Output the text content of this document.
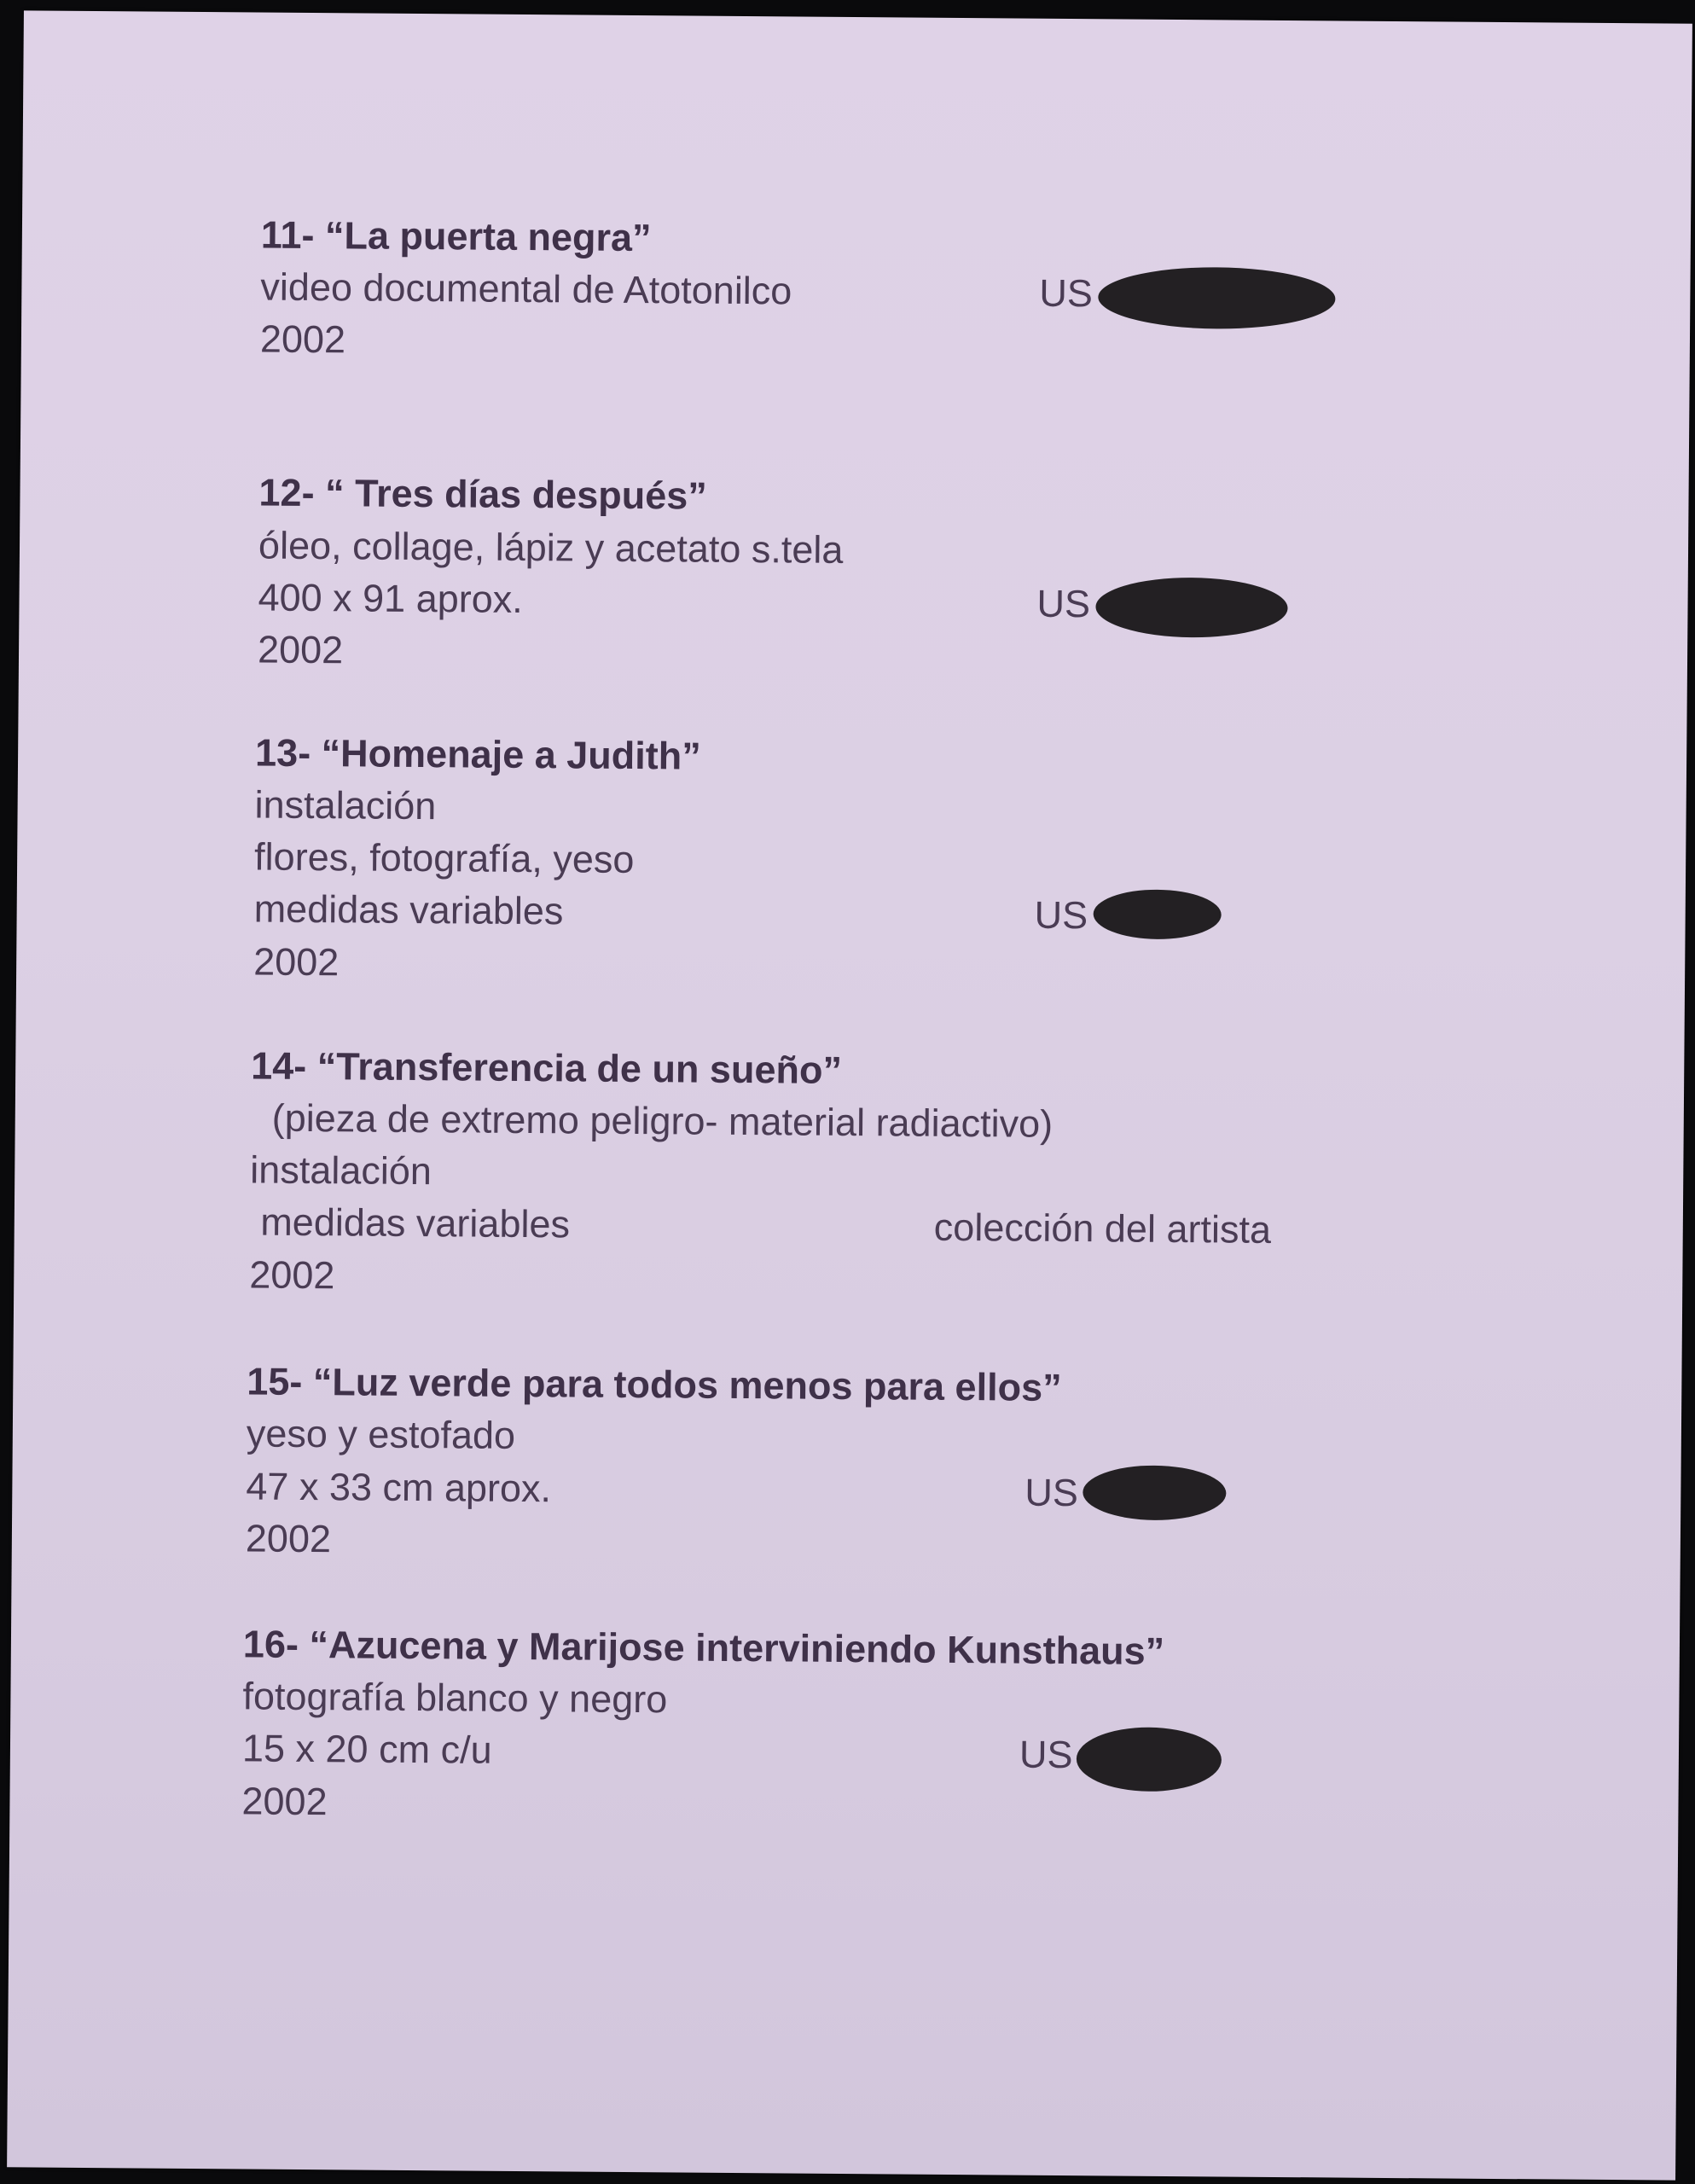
11- “La puerta negra”
video documental de Atotonilco
2002
US
12- “ Tres días después”
óleo, collage, lápiz y acetato s.tela
400 x 91 aprox.
2002
US
13- “Homenaje a Judith”
instalación
flores, fotografía, yeso
medidas variables
2002
US
14- “Transferencia de un sueño”
(pieza de extremo peligro- material radiactivo)
instalación
medidas variables
2002
colección del artista
15- “Luz verde para todos menos para ellos”
yeso y estofado
47 x 33 cm aprox.
2002
US
16- “Azucena y Marijose interviniendo Kunsthaus”
fotografía blanco y negro
15 x 20 cm c/u
2002
US
